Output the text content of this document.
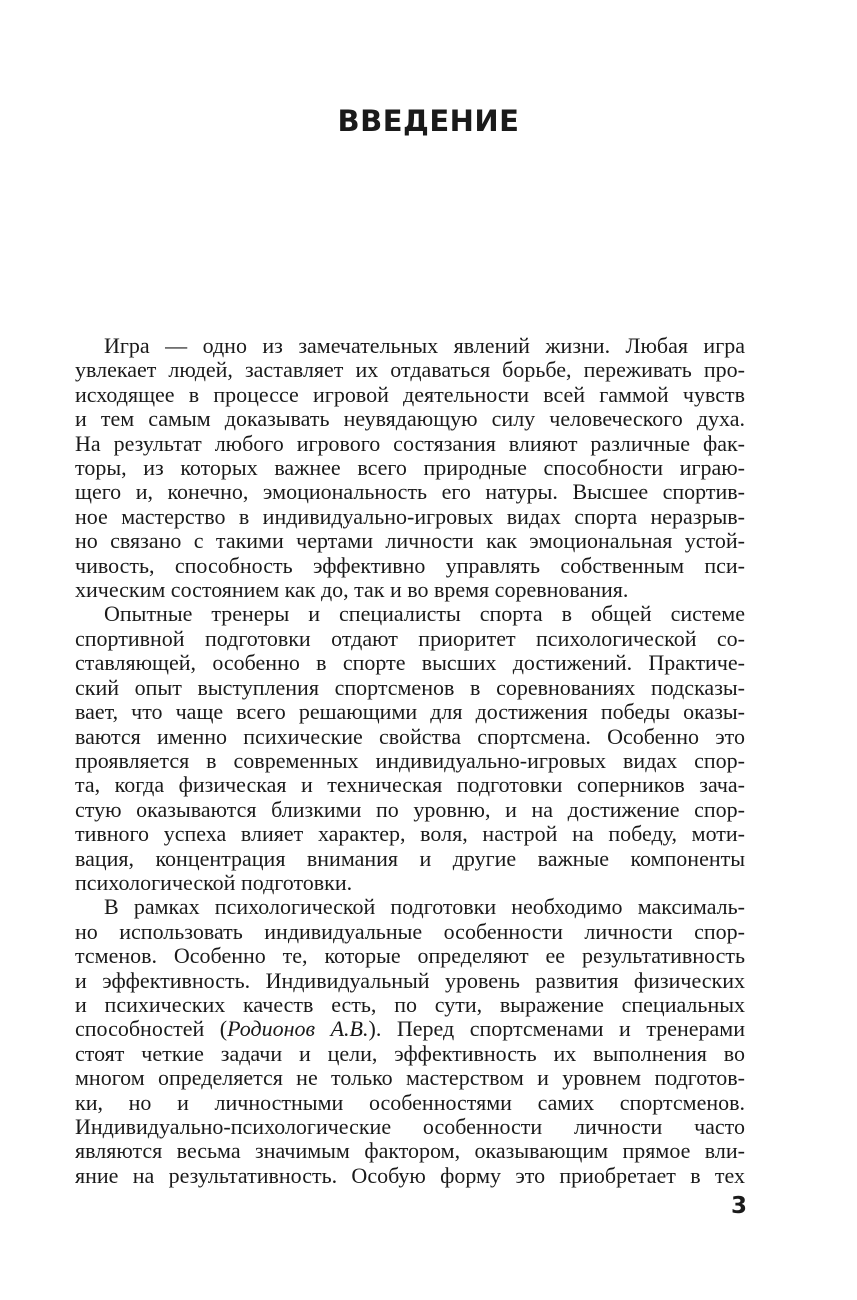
ВВЕДЕНИЕ
Игра — одно из замечательных явлений жизни. Любая игра
увлекает людей, заставляет их отдаваться борьбе, переживать про-
исходящее в процессе игровой деятельности всей гаммой чувств
и тем самым доказывать неувядающую силу человеческого духа.
На результат любого игрового состязания влияют различные фак-
торы, из которых важнее всего природные способности играю-
щего и, конечно, эмоциональность его натуры. Высшее спортив-
ное мастерство в индивидуально-игровых видах спорта неразрыв-
но связано с такими чертами личности как эмоциональная устой-
чивость, способность эффективно управлять собственным пси-
хическим состоянием как до, так и во время соревнования.
Опытные тренеры и специалисты спорта в общей системе
спортивной подготовки отдают приоритет психологической со-
ставляющей, особенно в спорте высших достижений. Практиче-
ский опыт выступления спортсменов в соревнованиях подсказы-
вает, что чаще всего решающими для достижения победы оказы-
ваются именно психические свойства спортсмена. Особенно это
проявляется в современных индивидуально-игровых видах спор-
та, когда физическая и техническая подготовки соперников зача-
стую оказываются близкими по уровню, и на достижение спор-
тивного успеха влияет характер, воля, настрой на победу, моти-
вация, концентрация внимания и другие важные компоненты
психологической подготовки.
В рамках психологической подготовки необходимо максималь-
но использовать индивидуальные особенности личности спор-
тсменов. Особенно те, которые определяют ее результативность
и эффективность. Индивидуальный уровень развития физических
и психических качеств есть, по сути, выражение специальных
способностей (Родионов А.В.). Перед спортсменами и тренерами
стоят четкие задачи и цели, эффективность их выполнения во
многом определяется не только мастерством и уровнем подготов-
ки, но и личностными особенностями самих спортсменов.
Индивидуально-психологические особенности личности часто
являются весьма значимым фактором, оказывающим прямое вли-
яние на результативность. Особую форму это приобретает в тех
3
